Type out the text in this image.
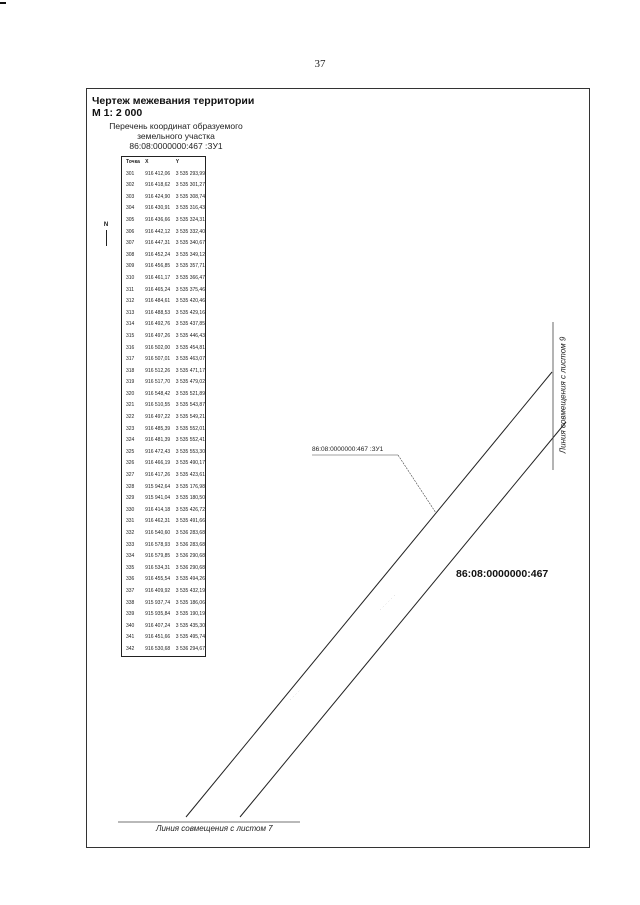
37
Чертеж межевания территории
М 1: 2 000
Перечень координат образуемого
земельного участка
86:08:0000000:467 :ЗУ1
Точка	X	Y
301	916 412,06	3 535 293,99
302	916 418,62	3 535 301,27
303	916 424,90	3 535 308,74
304	916 430,91	3 535 316,43
305	916 436,66	3 535 324,31
306	916 442,12	3 535 332,40
307	916 447,31	3 535 340,67
308	916 452,24	3 535 349,12
309	916 456,85	3 535 357,71
310	916 461,17	3 535 366,47
311	916 465,24	3 535 375,46
312	916 484,61	3 535 420,46
313	916 488,53	3 535 429,16
314	916 492,76	3 535 437,85
315	916 497,26	3 535 446,43
316	916 502,00	3 535 454,81
317	916 507,01	3 535 463,07
318	916 512,26	3 535 471,17
319	916 517,70	3 535 479,02
320	916 548,42	3 535 521,89
321	916 510,55	3 535 543,87
322	916 497,22	3 535 549,21
323	916 485,39	3 535 552,01
324	916 481,39	3 535 552,41
325	916 472,43	3 535 553,30
326	916 466,19	3 535 490,17
327	916 417,26	3 535 423,61
328	915 942,64	3 535 176,98
329	915 941,04	3 535 180,50
330	916 414,18	3 535 426,72
331	916 462,31	3 535 491,66
332	916 540,60	3 536 283,68
333	916 578,93	3 536 283,68
334	916 579,85	3 536 290,68
335	916 534,31	3 536 290,68
336	916 455,54	3 535 494,26
337	916 409,92	3 535 432,19
338	915 937,74	3 535 186,06
339	915 935,84	3 535 190,19
340	916 407,24	3 535 435,30
341	916 451,66	3 535 495,74
342	916 530,68	3 536 294,67
N
86:08:0000000:467 :ЗУ1
86:08:0000000:467
Линия совмещения с листом 7
Линия совмещения с листом 9
